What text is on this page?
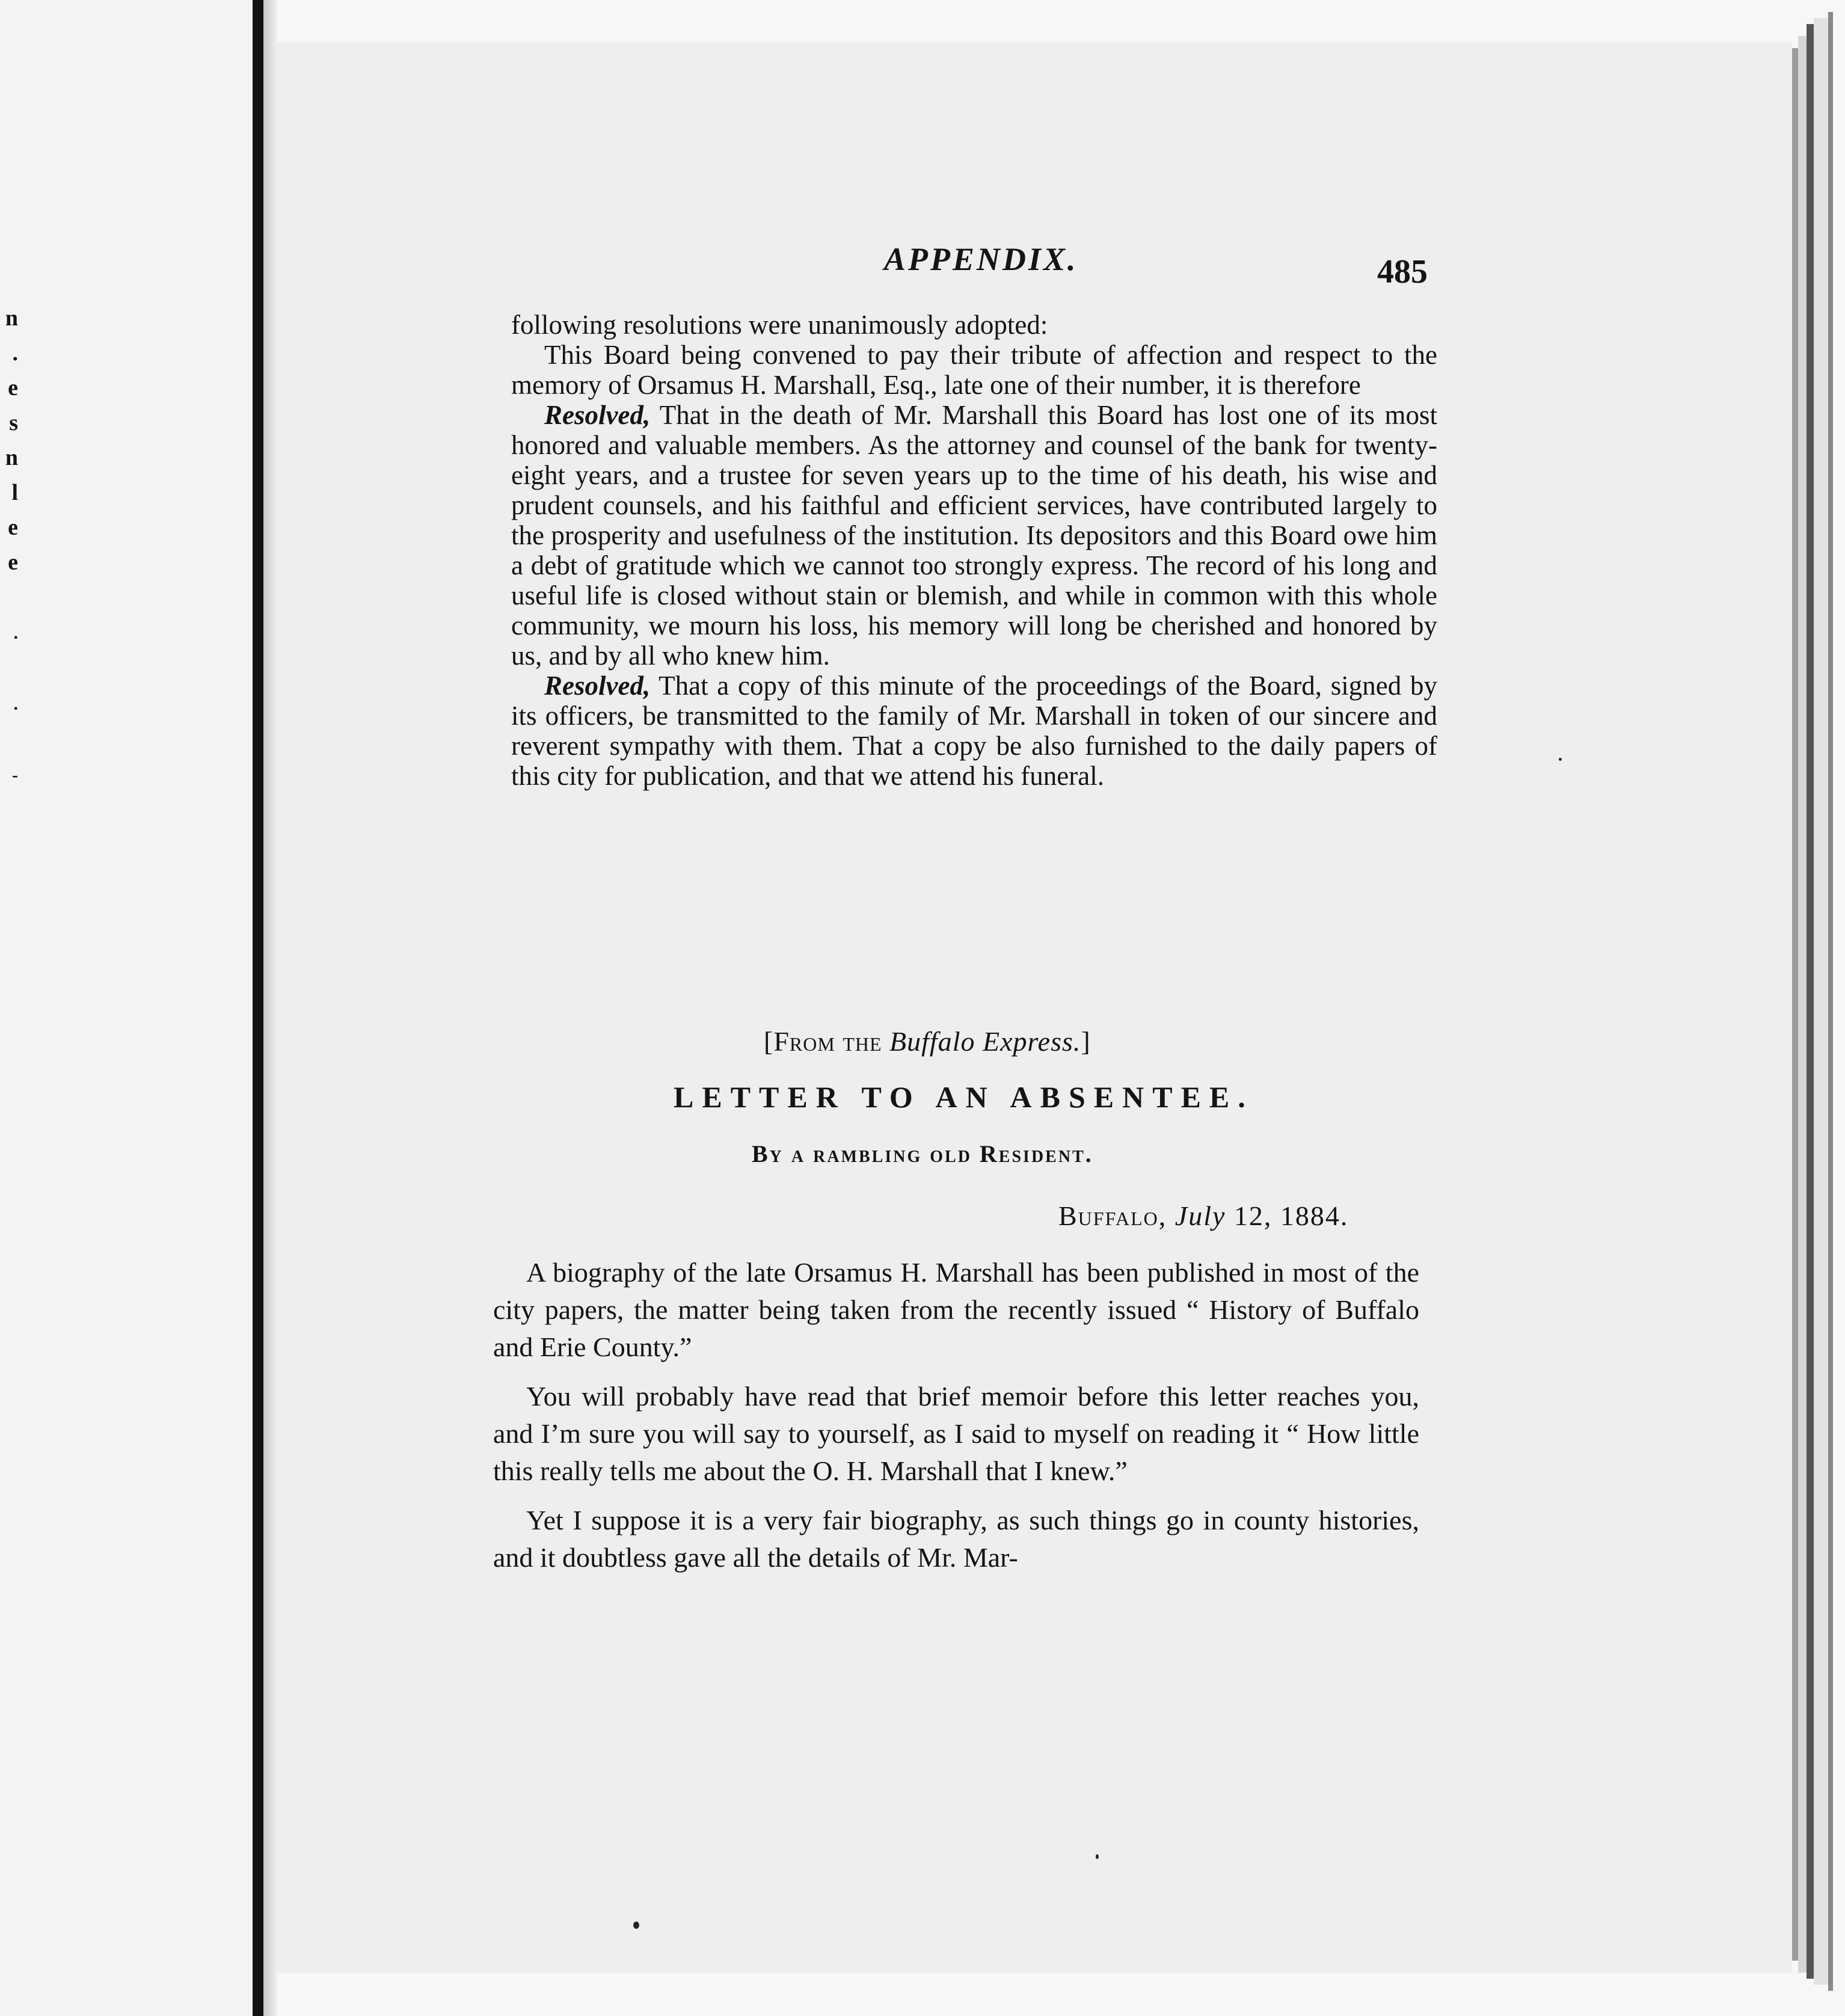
n
.
e
s
n
l
e
e
.
.
-
APPENDIX.	485

following resolutions were unanimously adopted:

This Board being convened to pay their tribute of affection and respect to the memory of Orsamus H. Marshall, Esq., late one of their number, it is therefore

Resolved, That in the death of Mr. Marshall this Board has lost one of its most honored and valuable members. As the attorney and counsel of the bank for twenty-eight years, and a trustee for seven years up to the time of his death, his wise and prudent counsels, and his faithful and efficient services, have contributed largely to the prosperity and usefulness of the institution. Its depositors and this Board owe him a debt of gratitude which we cannot too strongly express. The record of his long and useful life is closed without stain or blemish, and while in common with this whole community, we mourn his loss, his memory will long be cherished and honored by us, and by all who knew him.

Resolved, That a copy of this minute of the proceedings of the Board, signed by its officers, be transmitted to the family of Mr. Marshall in token of our sincere and reverent sympathy with them. That a copy be also furnished to the daily papers of this city for publication, and that we attend his funeral.

[From the Buffalo Express.]
LETTER TO AN ABSENTEE.
By a rambling old Resident.
Buffalo, July 12, 1884.

A biography of the late Orsamus H. Marshall has been published in most of the city papers, the matter being taken from the recently issued “ History of Buffalo and Erie County.”

You will probably have read that brief memoir before this letter reaches you, and I’m sure you will say to yourself, as I said to myself on reading it “ How little this really tells me about the O. H. Marshall that I knew.”

Yet I suppose it is a very fair biography, as such things go in county histories, and it doubtless gave all the details of Mr. Mar-
